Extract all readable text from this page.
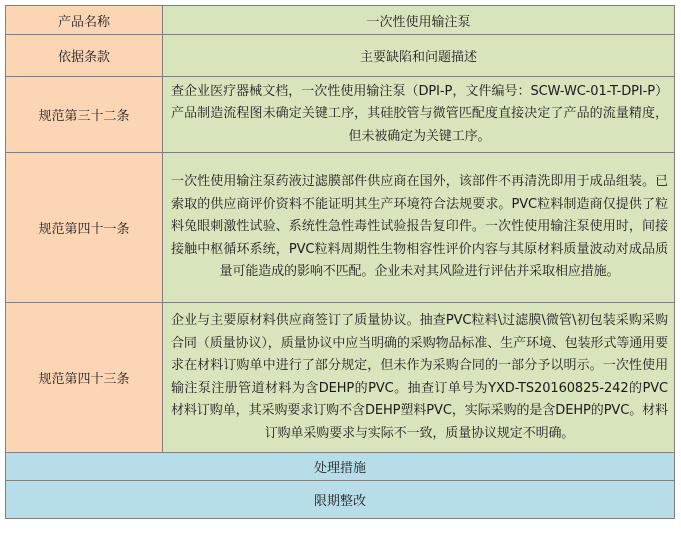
产品名称	一次性使用输注泵
依据条款	主要缺陷和问题描述
规范第三十二条	查企业医疗器械文档，一次性使用输注泵（DPI-P，文件编号：SCW-WC-01-T-DPI-P）产品制造流程图未确定关键工序，其硅胶管与微管匹配度直接决定了产品的流量精度，但未被确定为关键工序。
规范第四十一条	一次性使用输注泵药液过滤膜部件供应商在国外，该部件不再清洗即用于成品组装。已索取的供应商评价资料不能证明其生产环境符合法规要求。PVC粒料制造商仅提供了粒料兔眼刺激性试验、系统性急性毒性试验报告复印件。一次性使用输注泵使用时，间接接触中枢循环系统，PVC粒料周期性生物相容性评价内容与其原材料质量波动对成品质量可能造成的影响不匹配。企业未对其风险进行评估并采取相应措施。
规范第四十三条	企业与主要原材料供应商签订了质量协议。抽查PVC粒料\过滤膜\微管\初包装采购采购合同（质量协议），质量协议中应当明确的采购物品标准、生产环境、包装形式等通用要求在材料订购单中进行了部分规定，但未作为采购合同的一部分予以明示。一次性使用输注泵注册管道材料为含DEHP的PVC。抽查订单号为YXD-TS20160825-242的PVC材料订购单，其采购要求订购不含DEHP塑料PVC，实际采购的是含DEHP的PVC。材料订购单采购要求与实际不一致，质量协议规定不明确。
处理措施	
限期整改	
